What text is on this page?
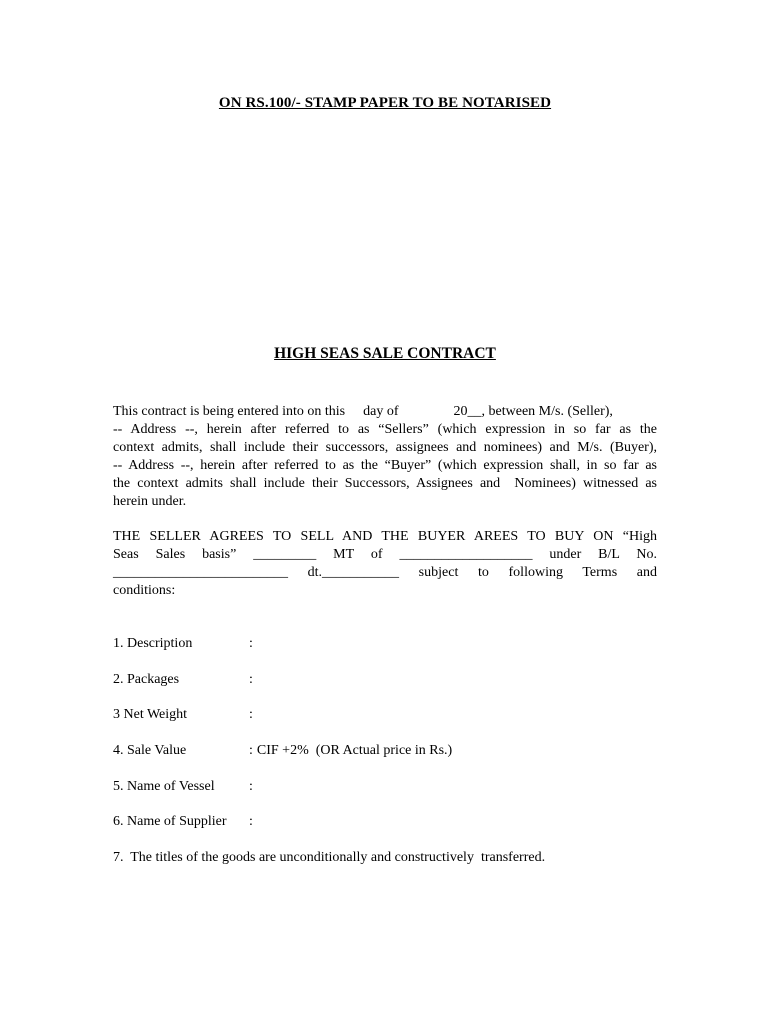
ON RS.100/- STAMP PAPER TO BE NOTARISED
HIGH SEAS SALE CONTRACT
This contract is being entered into on this day of	20__, between M/s. (Seller),
-- Address --, herein after referred to as “Sellers” (which expression in so far as the
context admits, shall include their successors, assignees and nominees) and M/s. (Buyer),
-- Address --, herein after referred to as the “Buyer” (which expression shall, in so far as
the context admits shall include their Successors, Assignees and  Nominees) witnessed as
herein under.
THE SELLER AGREES TO SELL AND THE BUYER AREES TO BUY ON “High
Seas Sales basis” _________ MT of ___________________ under B/L No.
_________________________ dt.___________ subject to following Terms and
conditions:
1. Description	:
2. Packages	:
3 Net Weight	:
4. Sale Value	: CIF +2%  (OR Actual price in Rs.)
5. Name of Vessel	:
6. Name of Supplier	:
7.  The titles of the goods are unconditionally and constructively  transferred.
